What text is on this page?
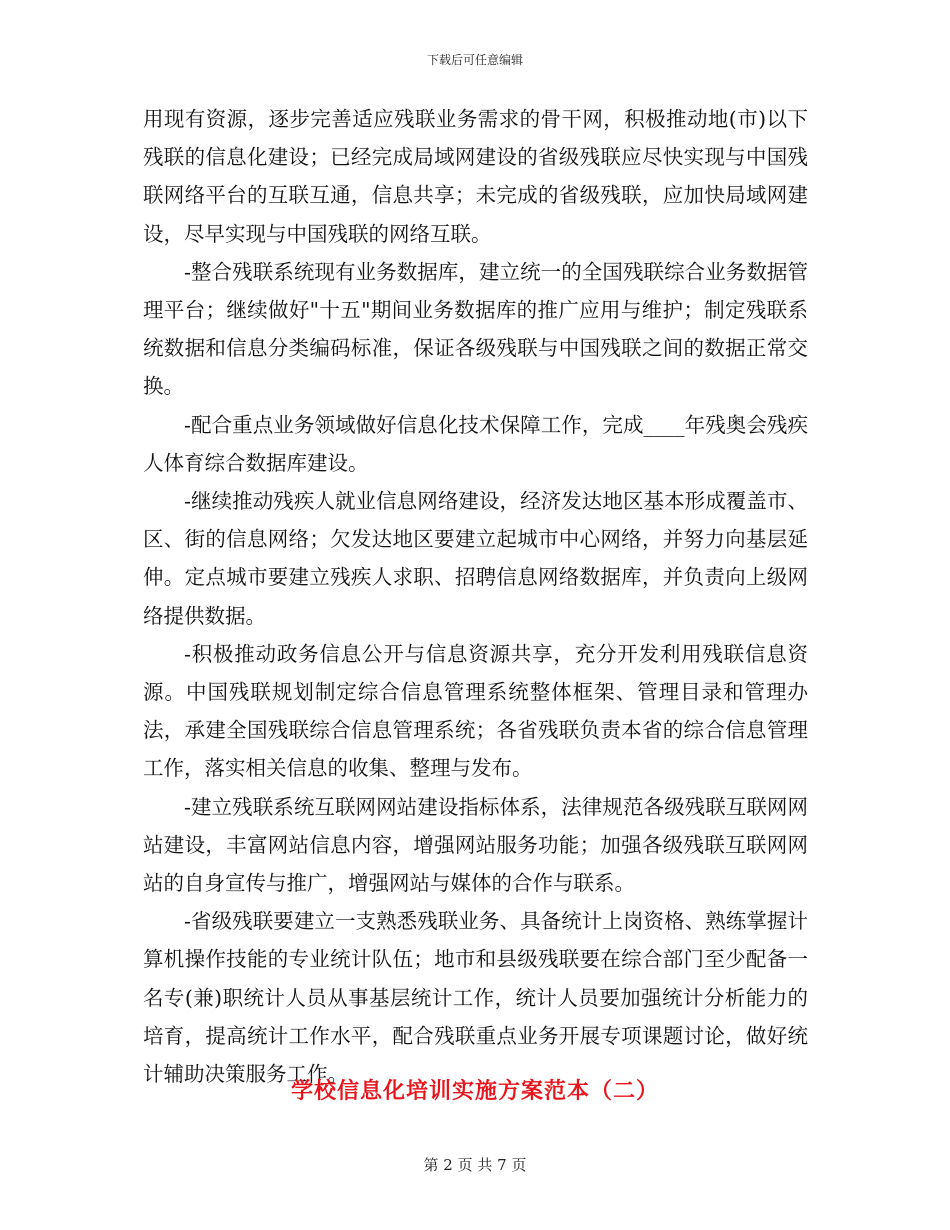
下载后可任意编辑

用现有资源，逐步完善适应残联业务需求的骨干网，积极推动地(市)以下残联的信息化建设；已经完成局域网建设的省级残联应尽快实现与中国残联网络平台的互联互通，信息共享；未完成的省级残联，应加快局域网建设，尽早实现与中国残联的网络互联。

-整合残联系统现有业务数据库，建立统一的全国残联综合业务数据管理平台；继续做好"十五"期间业务数据库的推广应用与维护；制定残联系统数据和信息分类编码标准，保证各级残联与中国残联之间的数据正常交换。

-配合重点业务领域做好信息化技术保障工作，完成____年残奥会残疾人体育综合数据库建设。

-继续推动残疾人就业信息网络建设，经济发达地区基本形成覆盖市、区、街的信息网络；欠发达地区要建立起城市中心网络，并努力向基层延伸。定点城市要建立残疾人求职、招聘信息网络数据库，并负责向上级网络提供数据。

-积极推动政务信息公开与信息资源共享，充分开发利用残联信息资源。中国残联规划制定综合信息管理系统整体框架、管理目录和管理办法，承建全国残联综合信息管理系统；各省残联负责本省的综合信息管理工作，落实相关信息的收集、整理与发布。

-建立残联系统互联网网站建设指标体系，法律规范各级残联互联网网站建设，丰富网站信息内容，增强网站服务功能；加强各级残联互联网网站的自身宣传与推广，增强网站与媒体的合作与联系。

-省级残联要建立一支熟悉残联业务、具备统计上岗资格、熟练掌握计算机操作技能的专业统计队伍；地市和县级残联要在综合部门至少配备一名专(兼)职统计人员从事基层统计工作，统计人员要加强统计分析能力的培育，提高统计工作水平，配合残联重点业务开展专项课题讨论，做好统计辅助决策服务工作。

学校信息化培训实施方案范本（二）
第 2 页 共 7 页
